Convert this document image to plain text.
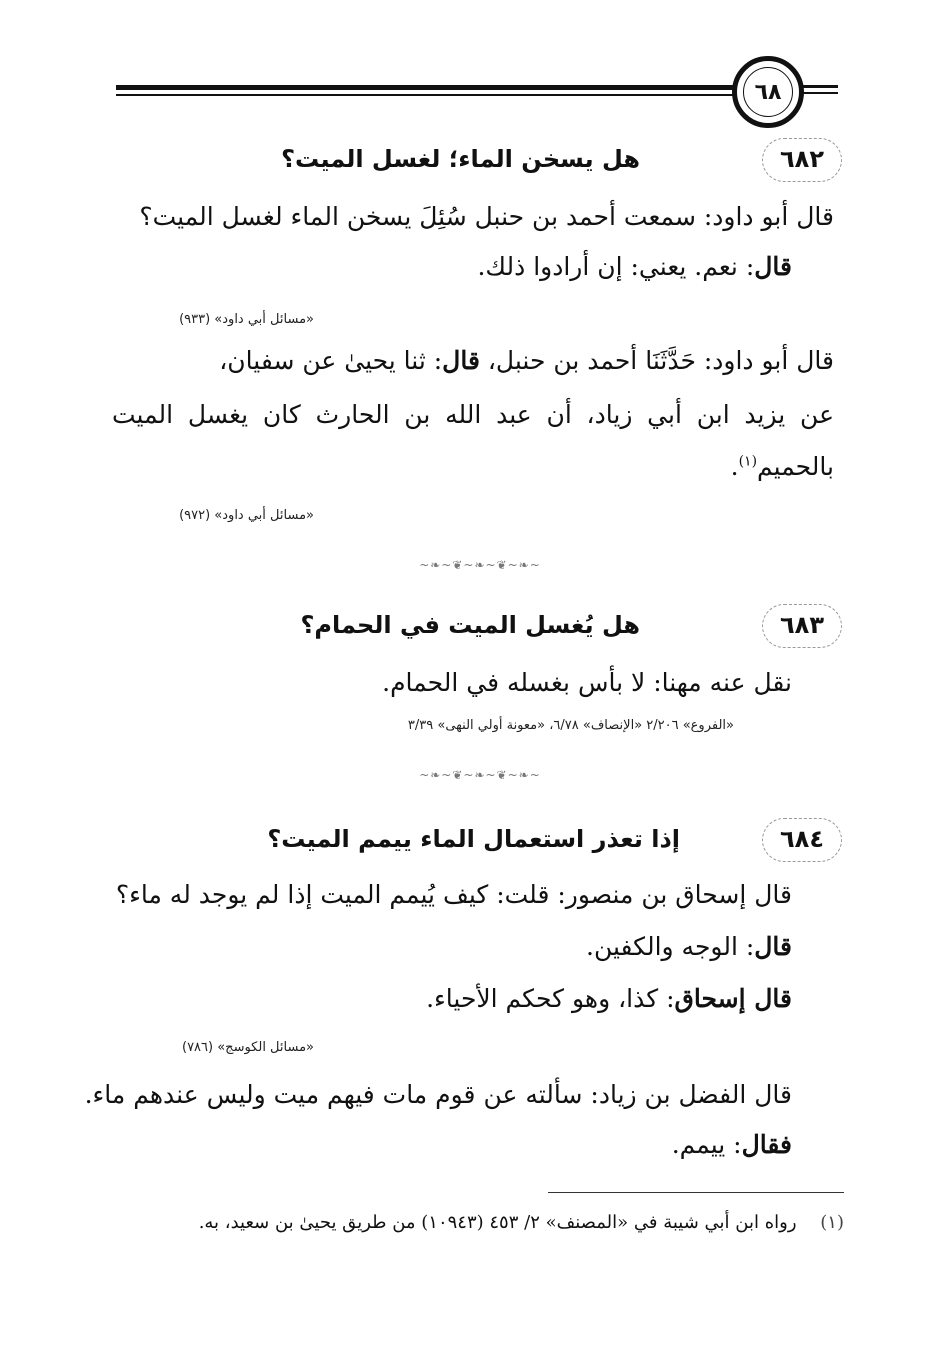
٦٨
٦٨٢
هل يسخن الماء؛ لغسل الميت؟
قال أبو داود: سمعت أحمد بن حنبل سُئِلَ يسخن الماء لغسل الميت؟
قال: نعم. يعني: إن أرادوا ذلك.
«مسائل أبي داود» (٩٣٣)
قال أبو داود: حَدَّثَنَا أحمد بن حنبل، قال: ثنا يحيىٰ عن سفيان،
عن يزيد ابن أبي زياد، أن عبد الله بن الحارث كان يغسل الميت
بالحميم$^{(١)}$.
«مسائل أبي داود» (٩٧٢)
~❧~❦~❧~❦~❧~
٦٨٣
هل يُغسل الميت في الحمام؟
نقل عنه مهنا: لا بأس بغسله في الحمام.
«الفروع» ٢/٢٠٦ «الإنصاف» ٦/٧٨، «معونة أولي النهى» ٣/٣٩
~❧~❦~❧~❦~❧~
٦٨٤
إذا تعذر استعمال الماء ييمم الميت؟
قال إسحاق بن منصور: قلت: كيف يُيمم الميت إذا لم يوجد له ماء؟
قال: الوجه والكفين.
قال إسحاق: كذا، وهو كحكم الأحياء.
«مسائل الكوسج» (٧٨٦)
قال الفضل بن زياد: سألته عن قوم مات فيهم ميت وليس عندهم ماء.
فقال: ييمم.
(١) رواه ابن أبي شيبة في «المصنف» ٢/ ٤٥٣ (١٠٩٤٣) من طريق يحيىٰ بن سعيد، به.
